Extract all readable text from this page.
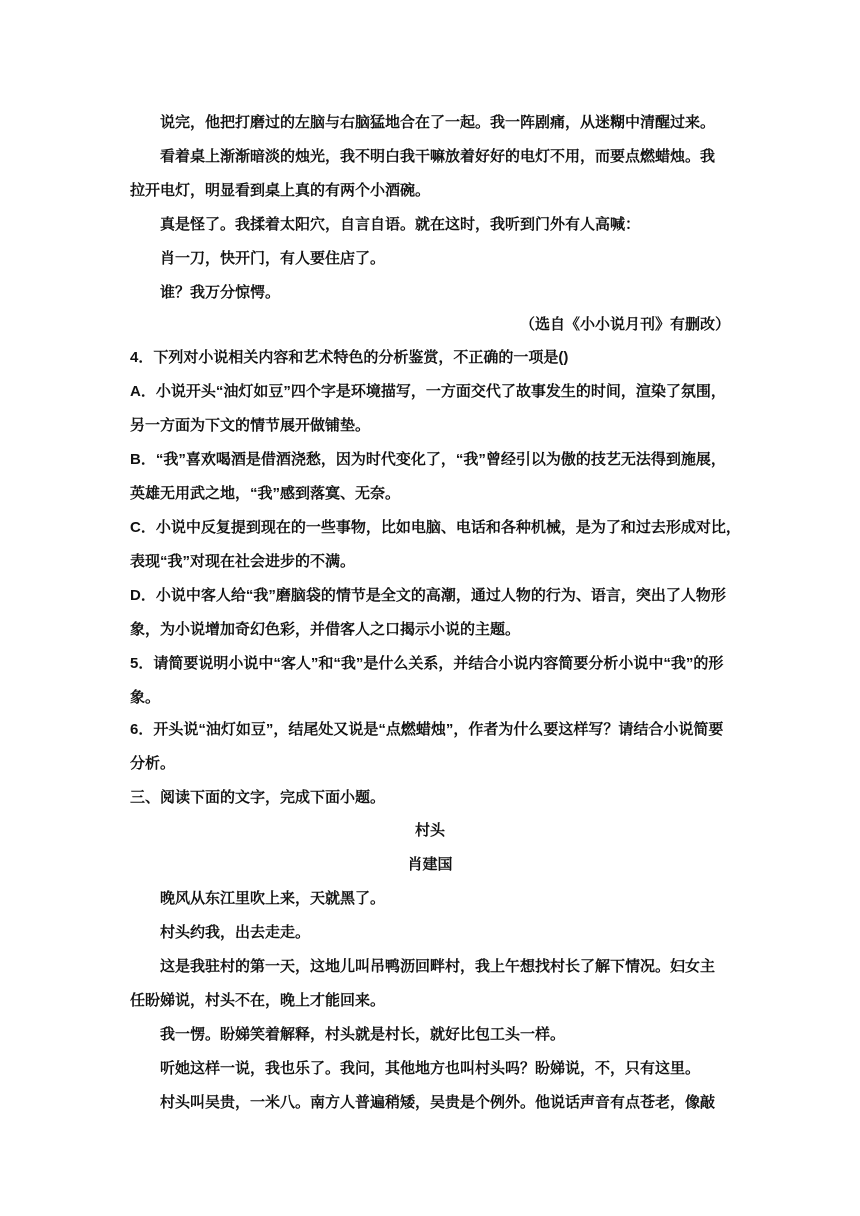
说完，他把打磨过的左脑与右脑猛地合在了一起。我一阵剧痛，从迷糊中清醒过来。
看着桌上渐渐暗淡的烛光，我不明白我干嘛放着好好的电灯不用，而要点燃蜡烛。我
拉开电灯，明显看到桌上真的有两个小酒碗。
真是怪了。我揉着太阳穴，自言自语。就在这时，我听到门外有人高喊：
肖一刀，快开门，有人要住店了。
谁？我万分惊愕。
（选自《小小说月刊》有删改）
4．下列对小说相关内容和艺术特色的分析鉴赏，不正确的一项是()
A．小说开头“油灯如豆”四个字是环境描写，一方面交代了故事发生的时间，渲染了氛围，
另一方面为下文的情节展开做铺垫。
B．“我”喜欢喝酒是借酒浇愁，因为时代变化了，“我”曾经引以为傲的技艺无法得到施展，
英雄无用武之地，“我”感到落寞、无奈。
C．小说中反复提到现在的一些事物，比如电脑、电话和各种机械，是为了和过去形成对比，
表现“我”对现在社会进步的不满。
D．小说中客人给“我”磨脑袋的情节是全文的高潮，通过人物的行为、语言，突出了人物形
象，为小说增加奇幻色彩，并借客人之口揭示小说的主题。
5．请简要说明小说中“客人”和“我”是什么关系，并结合小说内容简要分析小说中“我”的形
象。
6．开头说“油灯如豆”，结尾处又说是“点燃蜡烛”，作者为什么要这样写？请结合小说简要
分析。
三、阅读下面的文字，完成下面小题。
村头
肖建国
晚风从东江里吹上来，天就黑了。
村头约我，出去走走。
这是我驻村的第一天，这地儿叫吊鸭沥回畔村，我上午想找村长了解下情况。妇女主
任盼娣说，村头不在，晚上才能回来。
我一愣。盼娣笑着解释，村头就是村长，就好比包工头一样。
听她这样一说，我也乐了。我问，其他地方也叫村头吗？盼娣说，不，只有这里。
村头叫吴贵，一米八。南方人普遍稍矮，吴贵是个例外。他说话声音有点苍老，像敲
